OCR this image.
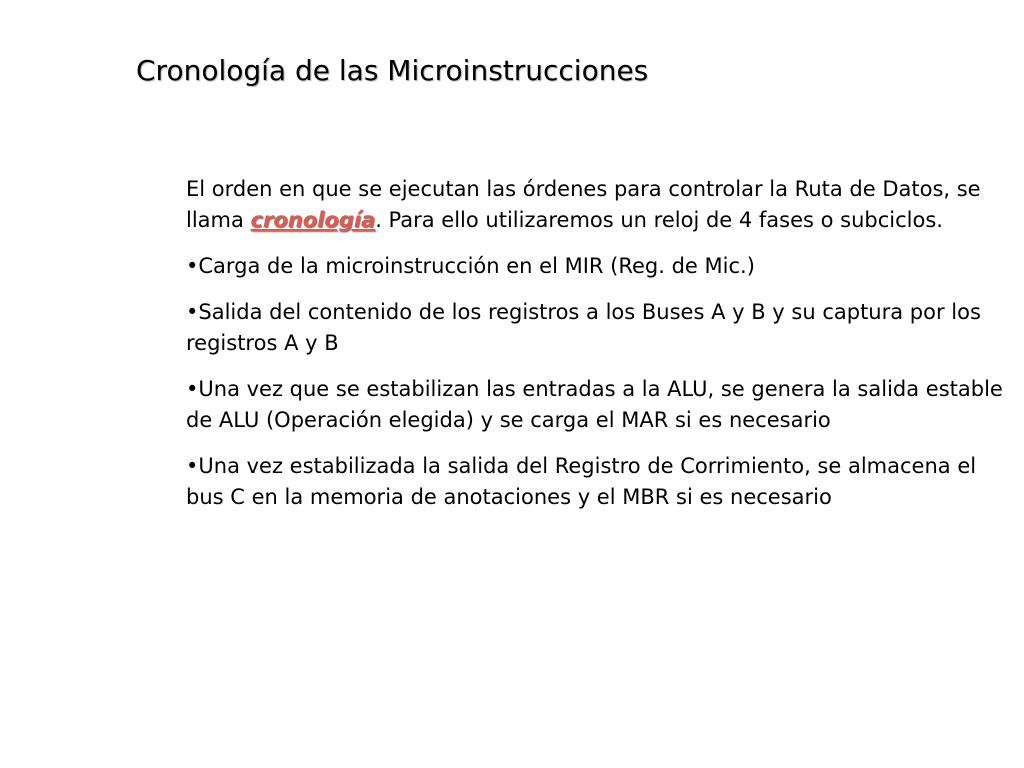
Cronología de las Microinstrucciones

El orden en que se ejecutan las órdenes para controlar la Ruta de Datos, se llama cronología. Para ello utilizaremos un reloj de 4 fases o subciclos.

•Carga de la microinstrucción en el MIR (Reg. de Mic.)

•Salida del contenido de los registros a los Buses A y B y su captura por los registros A y B

•Una vez que se estabilizan las entradas a la ALU, se genera la salida estable de ALU (Operación elegida) y se carga el MAR si es necesario

•Una vez estabilizada la salida del Registro de Corrimiento, se almacena el bus C en la memoria de anotaciones y el MBR si es necesario
